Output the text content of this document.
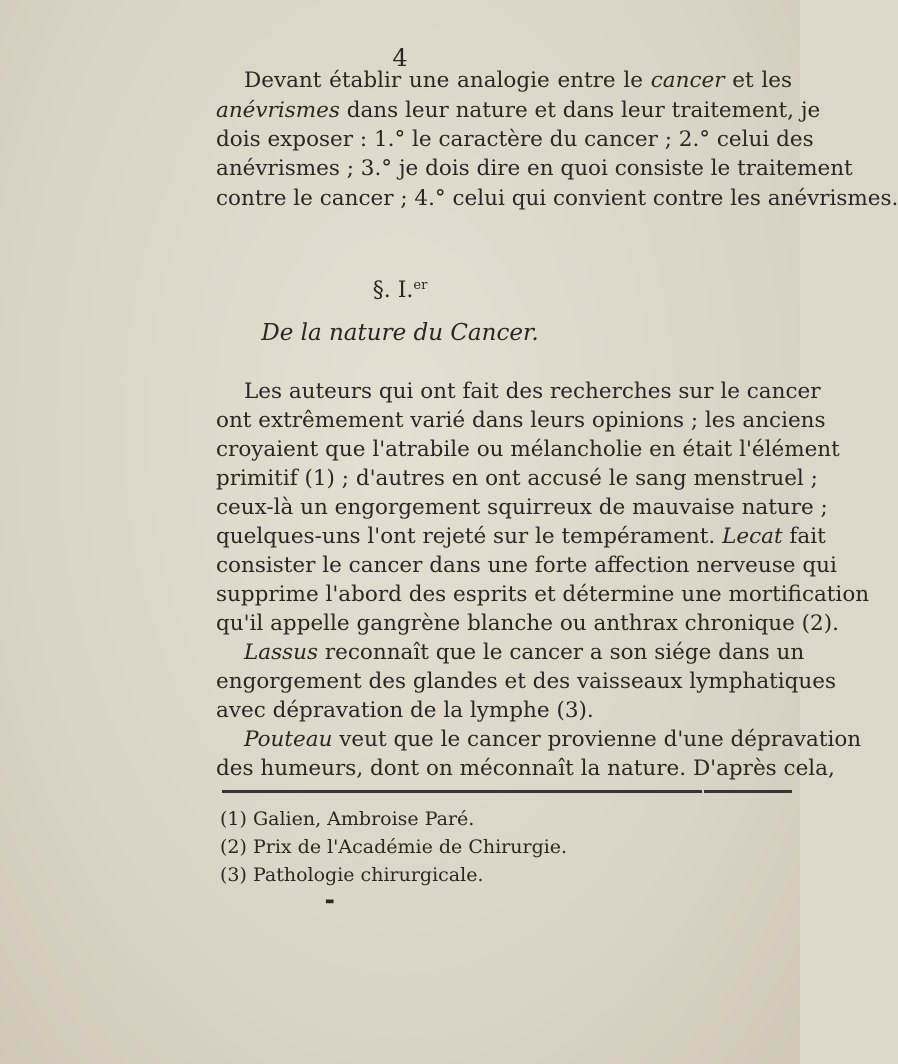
4
Devant établir une analogie entre le cancer et les
anévrismes dans leur nature et dans leur traitement, je
dois exposer : 1.° le caractère du cancer ; 2.° celui des
anévrismes ; 3.° je dois dire en quoi consiste le traitement
contre le cancer ; 4.° celui qui convient contre les anévrismes.
§. I.$^{er}$
De la nature du Cancer.
Les auteurs qui ont fait des recherches sur le cancer
ont extrêmement varié dans leurs opinions ; les anciens
croyaient que l'atrabile ou mélancholie en était l'élément
primitif (1) ; d'autres en ont accusé le sang menstruel ;
ceux-là un engorgement squirreux de mauvaise nature ;
quelques-uns l'ont rejeté sur le tempérament. Lecat fait
consister le cancer dans une forte affection nerveuse qui
supprime l'abord des esprits et détermine une mortification
qu'il appelle gangrène blanche ou anthrax chronique (2).
Lassus reconnaît que le cancer a son siége dans un
engorgement des glandes et des vaisseaux lymphatiques
avec dépravation de la lymphe (3).
Pouteau veut que le cancer provienne d'une dépravation
des humeurs, dont on méconnaît la nature. D'après cela,
(1) Galien, Ambroise Paré.
(2) Prix de l'Académie de Chirurgie.
(3) Pathologie chirurgicale.
▬
